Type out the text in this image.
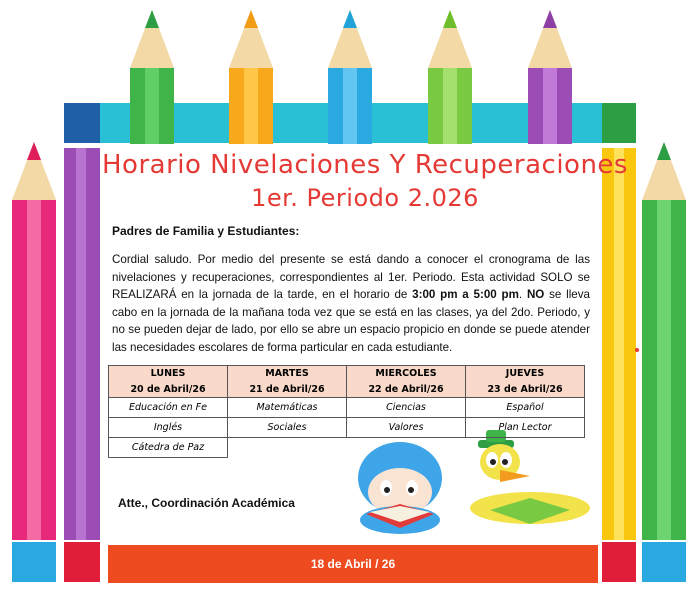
Horario Nivelaciones Y Recuperaciones
1er. Periodo 2.026
Padres de Familia y Estudiantes:
Cordial saludo. Por medio del presente se está dando a conocer el cronograma de las nivelaciones y recuperaciones, correspondientes al 1er. Periodo. Esta actividad SOLO se REALIZARÁ en la jornada de la tarde, en el horario de 3:00 pm a 5:00 pm. NO se lleva cabo en la jornada de la mañana toda vez que se está en las clases, ya del 2do. Periodo, y no se pueden dejar de lado, por ello se abre un espacio propicio en donde se puede atender las necesidades escolares de forma particular en cada estudiante.
LUNES	MARTES	MIERCOLES	JUEVES
20 de Abril/26	21 de Abril/26	22 de Abril/26	23 de Abril/26
Educación en Fe	Matemáticas	Ciencias	Español
Inglés	Sociales	Valores	Plan Lector
Cátedra de Paz			
Atte., Coordinación Académica
18 de Abril / 26
